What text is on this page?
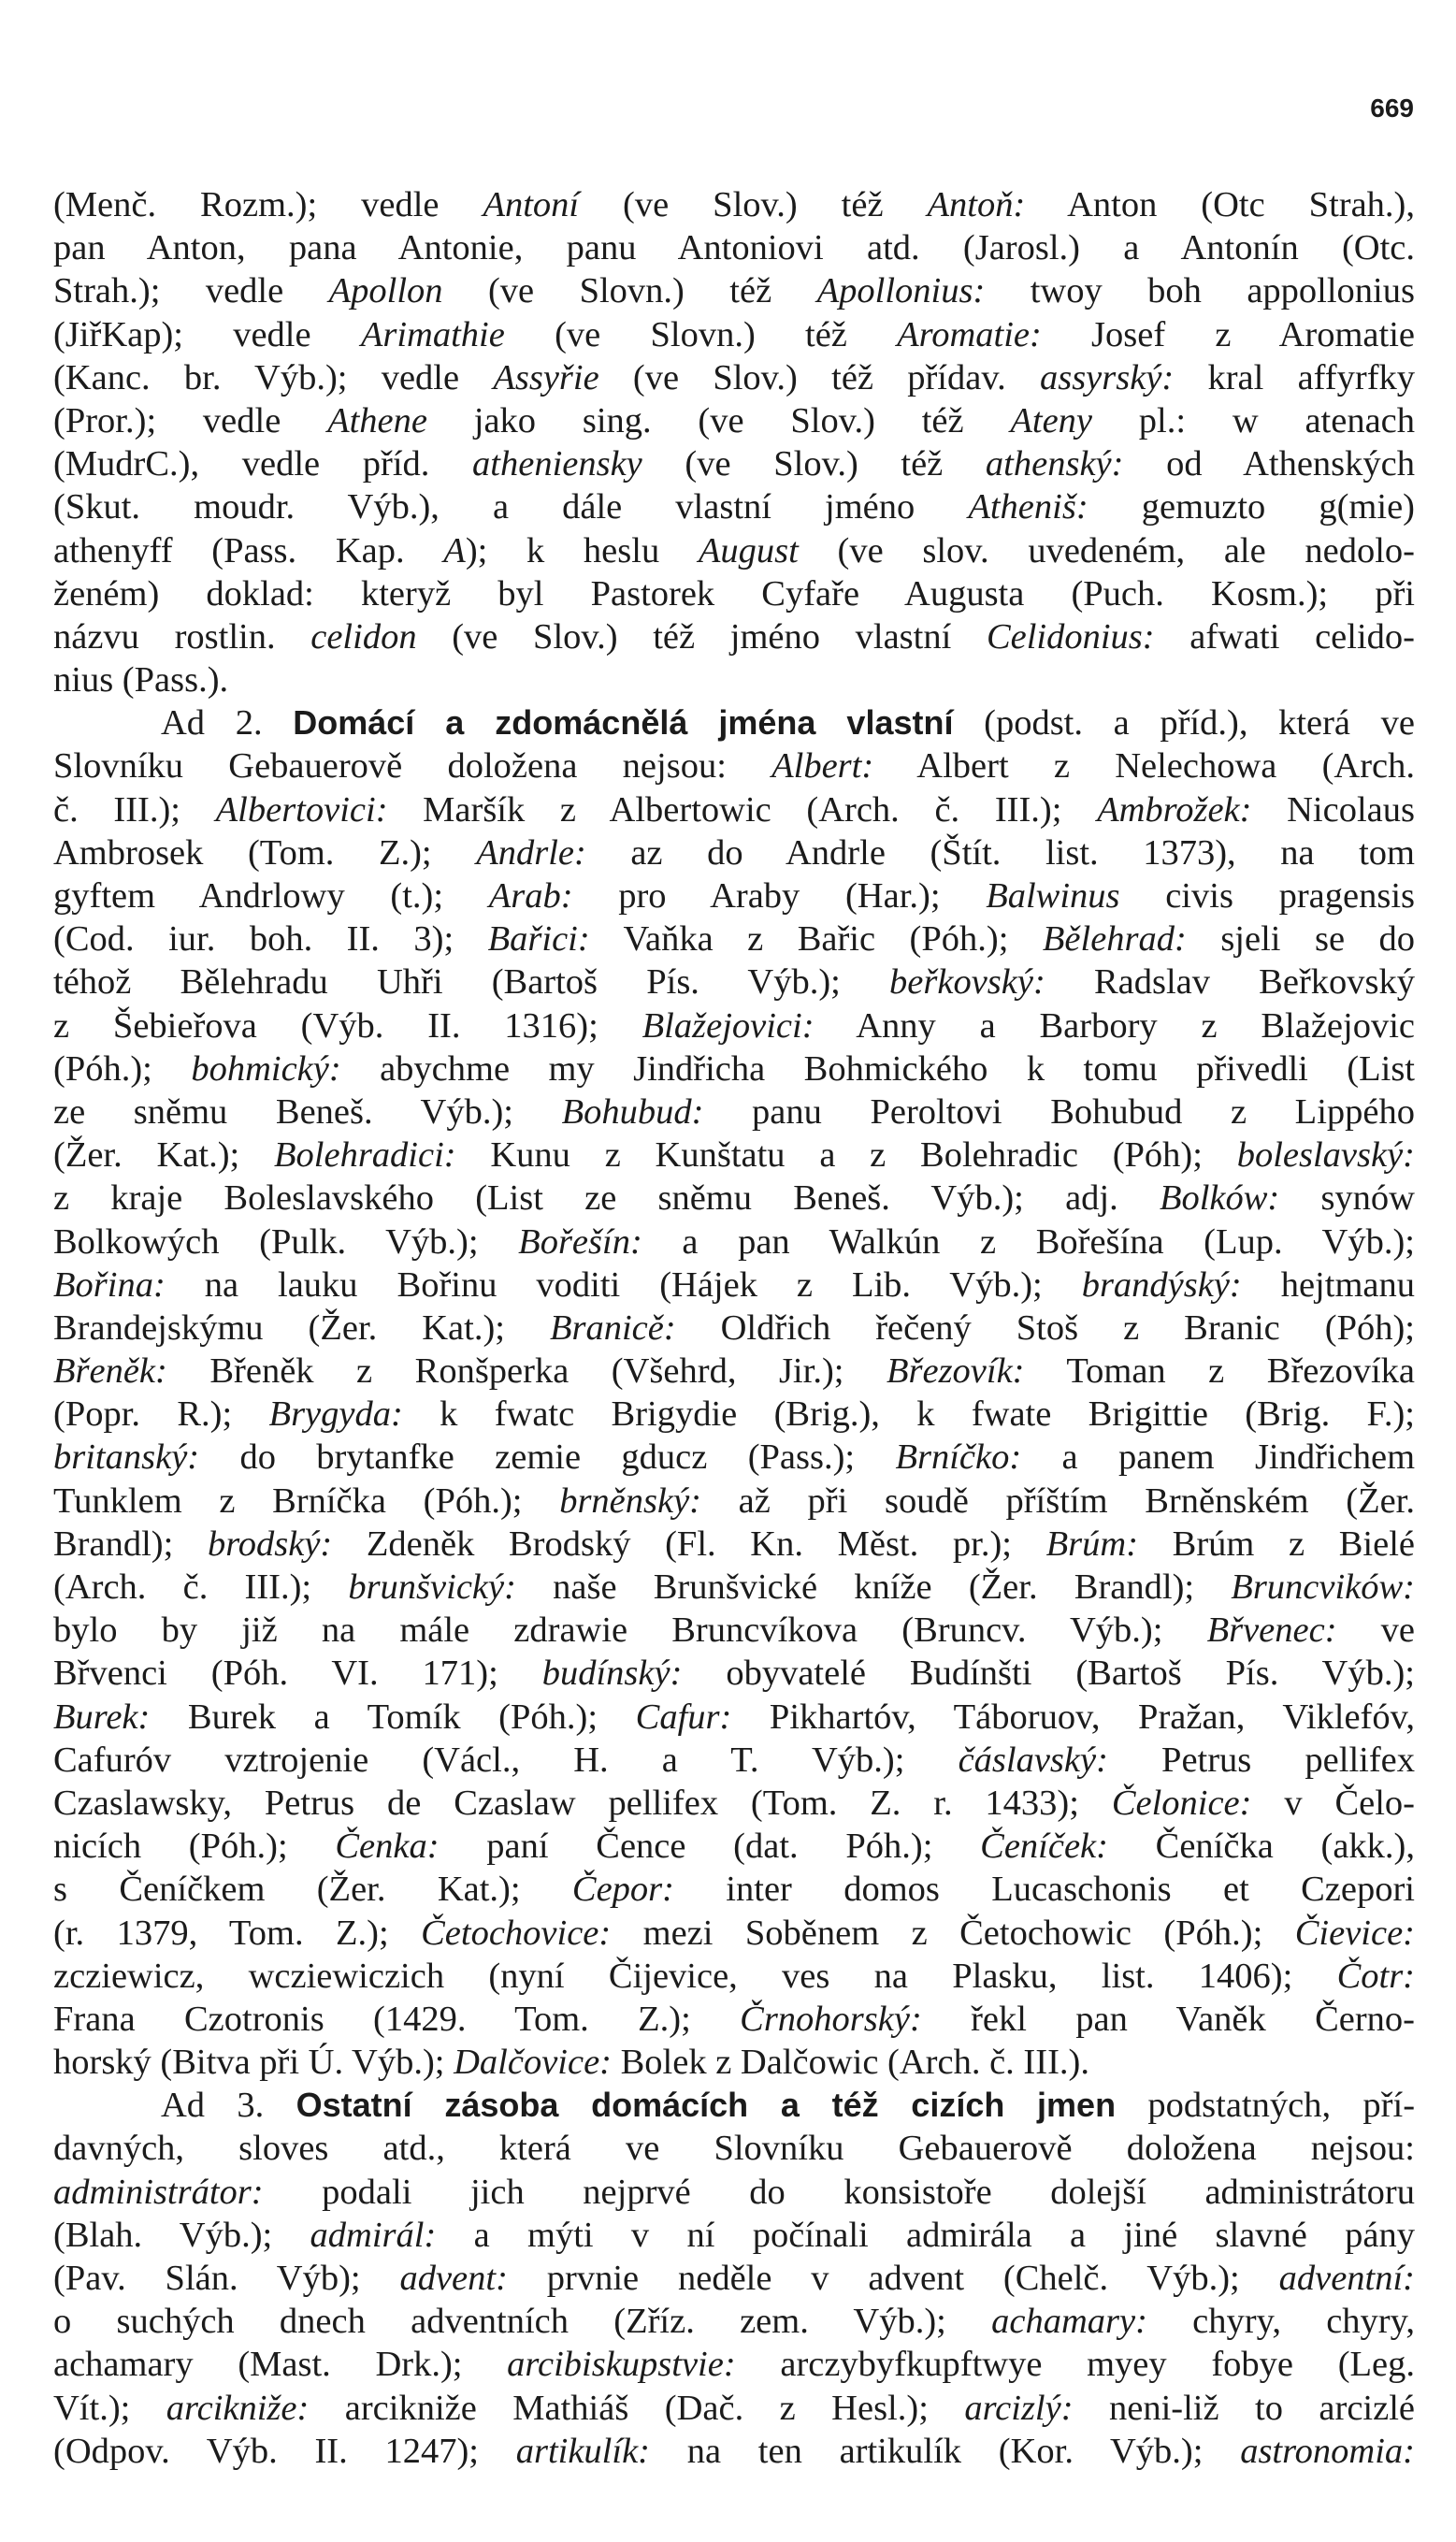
669
(Menč. Rozm.); vedle Antoní (ve Slov.) též Antoň: Anton (Otc Strah.),
pan Anton, pana Antonie, panu Antoniovi atd. (Jarosl.) a Antonín (Otc.
Strah.); vedle Apollon (ve Slovn.) též Apollonius: twoy boh appollonius
(JiřKap); vedle Arimathie (ve Slovn.) též Aromatie: Josef z Aromatie
(Kanc. br. Výb.); vedle Assyřie (ve Slov.) též přídav. assyrský: kral affyrfky
(Pror.); vedle Athene jako sing. (ve Slov.) též Ateny pl.: w atenach
(MudrC.), vedle příd. atheniensky (ve Slov.) též athenský: od Athenských
(Skut. moudr. Výb.), a dále vlastní jméno Atheniš: gemuzto g(mie)
athenyff (Pass. Kap. A); k heslu August (ve slov. uvedeném, ale nedolo-
ženém) doklad: kteryž byl Pastorek Cyfaře Augusta (Puch. Kosm.); při
názvu rostlin. celidon (ve Slov.) též jméno vlastní Celidonius: afwati celido-
nius (Pass.).
Ad 2. Domácí a zdomácnělá jména vlastní (podst. a příd.), která ve
Slovníku Gebauerově doložena nejsou: Albert: Albert z Nelechowa (Arch.
č. III.); Albertovici: Maršík z Albertowic (Arch. č. III.); Ambrožek: Nicolaus
Ambrosek (Tom. Z.); Andrle: az do Andrle (Štít. list. 1373), na tom
gyftem Andrlowy (t.); Arab: pro Araby (Har.); Balwinus civis pragensis
(Cod. iur. boh. II. 3); Bařici: Vaňka z Bařic (Póh.); Bělehrad: sjeli se do
téhož Bělehradu Uhři (Bartoš Pís. Výb.); beřkovský: Radslav Beřkovský
z Šebieřova (Výb. II. 1316); Blažejovici: Anny a Barbory z Blažejovic
(Póh.); bohmický: abychme my Jindřicha Bohmického k tomu přivedli (List
ze sněmu Beneš. Výb.); Bohubud: panu Peroltovi Bohubud z Lippého
(Žer. Kat.); Bolehradici: Kunu z Kunštatu a z Bolehradic (Póh); boleslavský:
z kraje Boleslavského (List ze sněmu Beneš. Výb.); adj. Bolków: synów
Bolkowých (Pulk. Výb.); Bořešín: a pan Walkún z Bořešína (Lup. Výb.);
Bořina: na lauku Bořinu voditi (Hájek z Lib. Výb.); brandýský: hejtmanu
Brandejskýmu (Žer. Kat.); Branicě: Oldřich řečený Stoš z Branic (Póh);
Břeněk: Břeněk z Ronšperka (Všehrd, Jir.); Březovík: Toman z Březovíka
(Popr. R.); Brygyda: k fwatc Brigydie (Brig.), k fwate Brigittie (Brig. F.);
britanský: do brytanfke zemie gducz (Pass.); Brníčko: a panem Jindřichem
Tunklem z Brníčka (Póh.); brněnský: až při soudě příštím Brněnském (Žer.
Brandl); brodský: Zdeněk Brodský (Fl. Kn. Měst. pr.); Brúm: Brúm z Bielé
(Arch. č. III.); brunšvický: naše Brunšvické kníže (Žer. Brandl); Bruncvików:
bylo by již na mále zdrawie Bruncvíkova (Bruncv. Výb.); Břvenec: ve
Břvenci (Póh. VI. 171); budínský: obyvatelé Budínšti (Bartoš Pís. Výb.);
Burek: Burek a Tomík (Póh.); Cafur: Pikhartóv, Táboruov, Pražan, Viklefóv,
Cafuróv vztrojenie (Václ., H. a T. Výb.); čáslavský: Petrus pellifex
Czaslawsky, Petrus de Czaslaw pellifex (Tom. Z. r. 1433); Čelonice: v Čelo-
nicích (Póh.); Čenka: paní Čence (dat. Póh.); Čeníček: Čeníčka (akk.),
s Čeníčkem (Žer. Kat.); Čepor: inter domos Lucaschonis et Czepori
(r. 1379, Tom. Z.); Četochovice: mezi Soběnem z Četochowic (Póh.); Čievice:
zcziewicz, wcziewiczich (nyní Čijevice, ves na Plasku, list. 1406); Čotr:
Frana Czotronis (1429. Tom. Z.); Črnohorský: řekl pan Vaněk Černo-
horský (Bitva při Ú. Výb.); Dalčovice: Bolek z Dalčowic (Arch. č. III.).
Ad 3. Ostatní zásoba domácích a též cizích jmen podstatných, pří-
davných, sloves atd., která ve Slovníku Gebauerově doložena nejsou:
administrátor: podali jich nejprvé do konsistoře dolejší administrátoru
(Blah. Výb.); admirál: a mýti v ní počínali admirála a jiné slavné pány
(Pav. Slán. Výb); advent: prvnie neděle v advent (Chelč. Výb.); adventní:
o suchých dnech adventních (Zříz. zem. Výb.); achamary: chyry, chyry,
achamary (Mast. Drk.); arcibiskupstvie: arczybyfkupftwye myey fobye (Leg.
Vít.); arcikniže: arcikniže Mathiáš (Dač. z Hesl.); arcizlý: neni-liž to arcizlé
(Odpov. Výb. II. 1247); artikulík: na ten artikulík (Kor. Výb.); astronomia:
